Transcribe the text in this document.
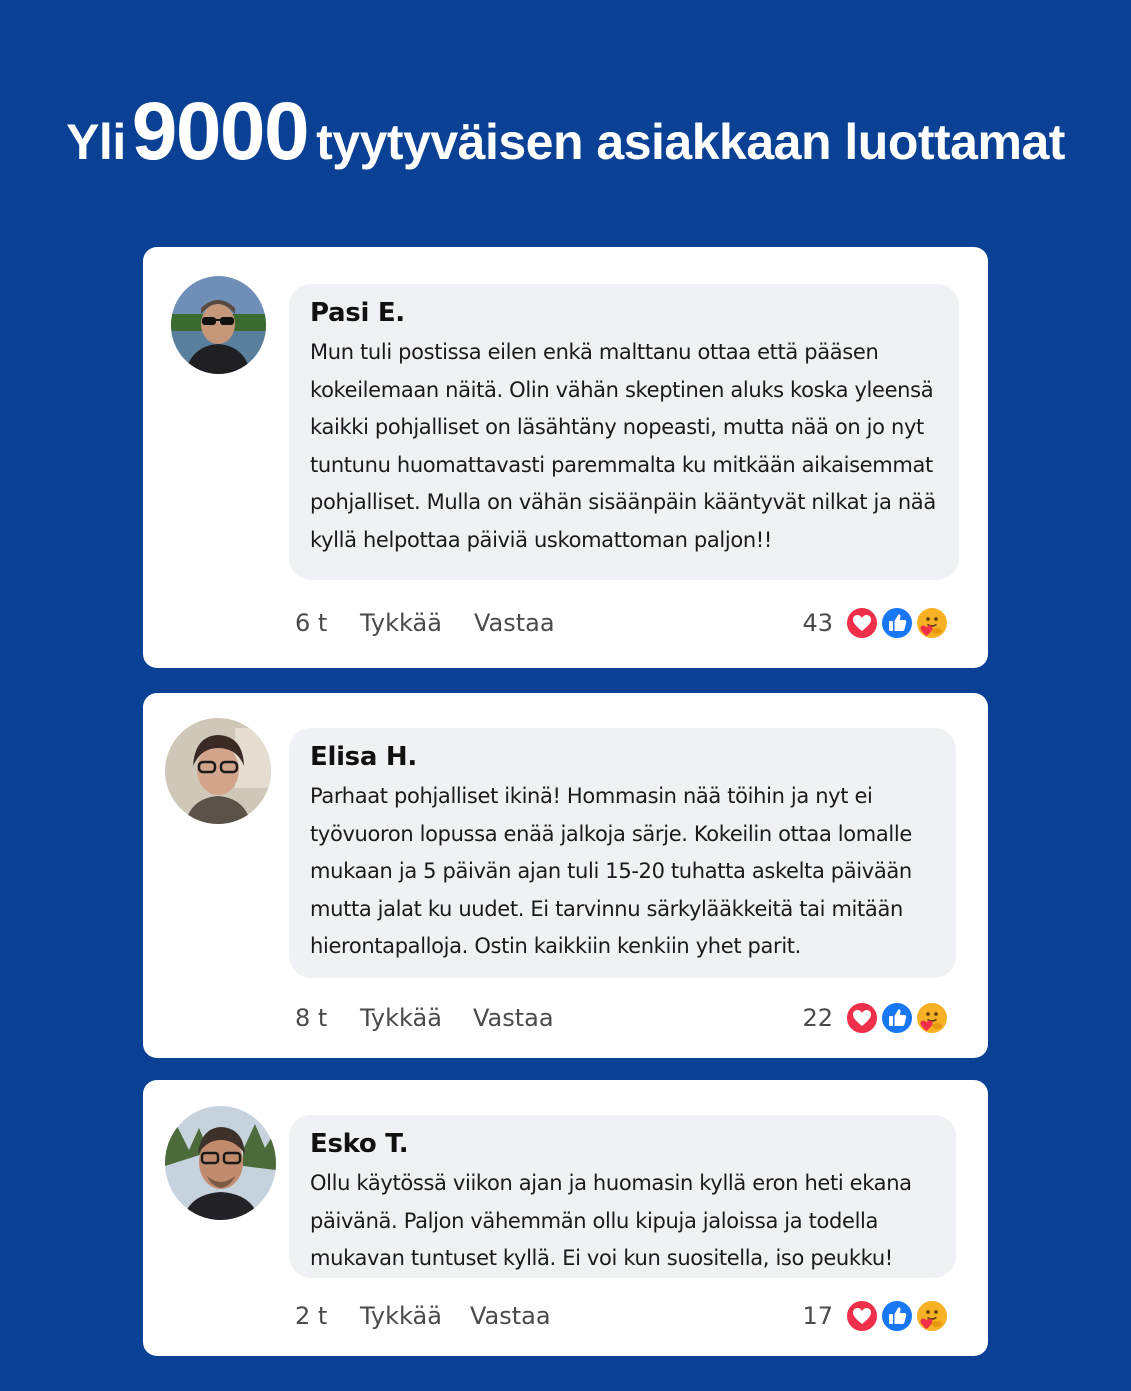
Yli9000 tyytyväisen asiakkaan luottamat
Pasi E.
Mun tuli postissa eilen enkä malttanu ottaa että pääsen kokeilemaan näitä. Olin vähän skeptinen aluks koska yleensä kaikki pohjalliset on läsähtäny nopeasti, mutta nää on jo nyt tuntunu huomattavasti paremmalta ku mitkään aikaisemmat pohjalliset. Mulla on vähän sisäänpäin kääntyvät nilkat ja nää kyllä helpottaa päiviä uskomattoman paljon!!
6 t Tykkää Vastaa	43
Elisa H.
Parhaat pohjalliset ikinä! Hommasin nää töihin ja nyt ei työvuoron lopussa enää jalkoja särje. Kokeilin ottaa lomalle mukaan ja 5 päivän ajan tuli 15-20 tuhatta askelta päivään mutta jalat ku uudet. Ei tarvinnu särkylääkkeitä tai mitään hierontapalloja. Ostin kaikkiin kenkiin yhet parit.
8 t Tykkää Vastaa	22
Esko T.
Ollu käytössä viikon ajan ja huomasin kyllä eron heti ekana päivänä. Paljon vähemmän ollu kipuja jaloissa ja todella mukavan tuntuset kyllä. Ei voi kun suositella, iso peukku!
2 t Tykkää Vastaa	17
